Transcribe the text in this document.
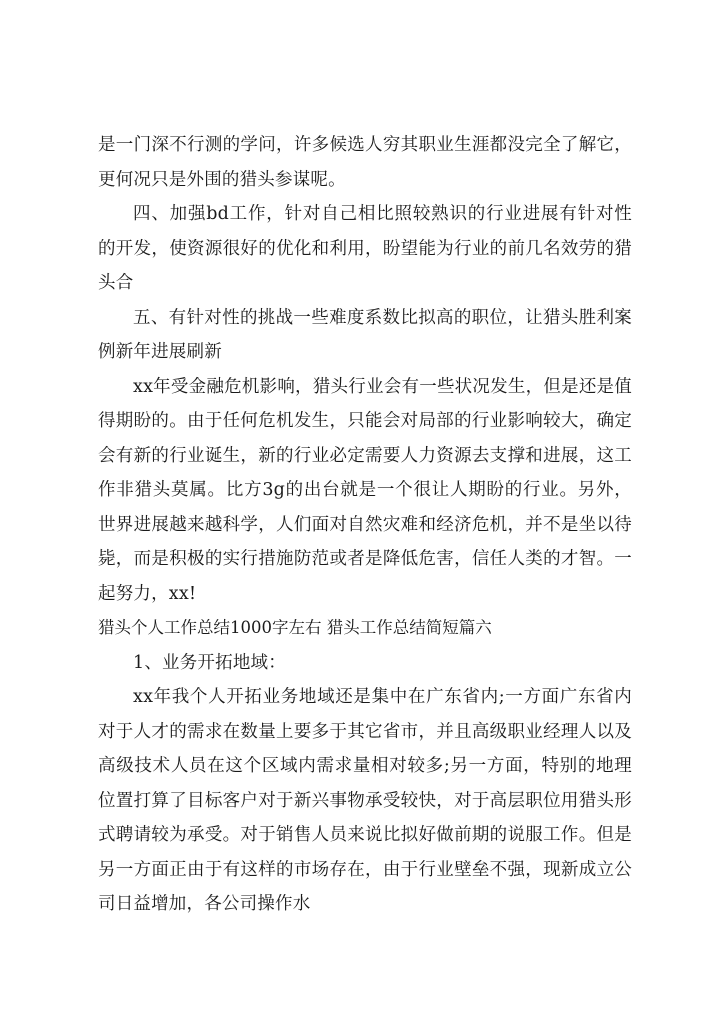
是一门深不行测的学问，许多候选人穷其职业生涯都没完全了解它，更何况只是外围的猎头参谋呢。

四、加强bd工作，针对自己相比照较熟识的行业进展有针对性的开发，使资源很好的优化和利用，盼望能为行业的前几名效劳的猎头合

五、有针对性的挑战一些难度系数比拟高的职位，让猎头胜利案例新年进展刷新

xx年受金融危机影响，猎头行业会有一些状况发生，但是还是值得期盼的。由于任何危机发生，只能会对局部的行业影响较大，确定会有新的行业诞生，新的行业必定需要人力资源去支撑和进展，这工作非猎头莫属。比方3g的出台就是一个很让人期盼的行业。另外，世界进展越来越科学，人们面对自然灾难和经济危机，并不是坐以待毙，而是积极的实行措施防范或者是降低危害，信任人类的才智。一起努力，xx!

猎头个人工作总结1000字左右 猎头工作总结简短篇六

1、业务开拓地域：

xx年我个人开拓业务地域还是集中在广东省内;一方面广东省内对于人才的需求在数量上要多于其它省市，并且高级职业经理人以及高级技术人员在这个区域内需求量相对较多;另一方面，特别的地理位置打算了目标客户对于新兴事物承受较快，对于高层职位用猎头形式聘请较为承受。对于销售人员来说比拟好做前期的说服工作。但是另一方面正由于有这样的市场存在，由于行业壁垒不强，现新成立公司日益增加，各公司操作水
